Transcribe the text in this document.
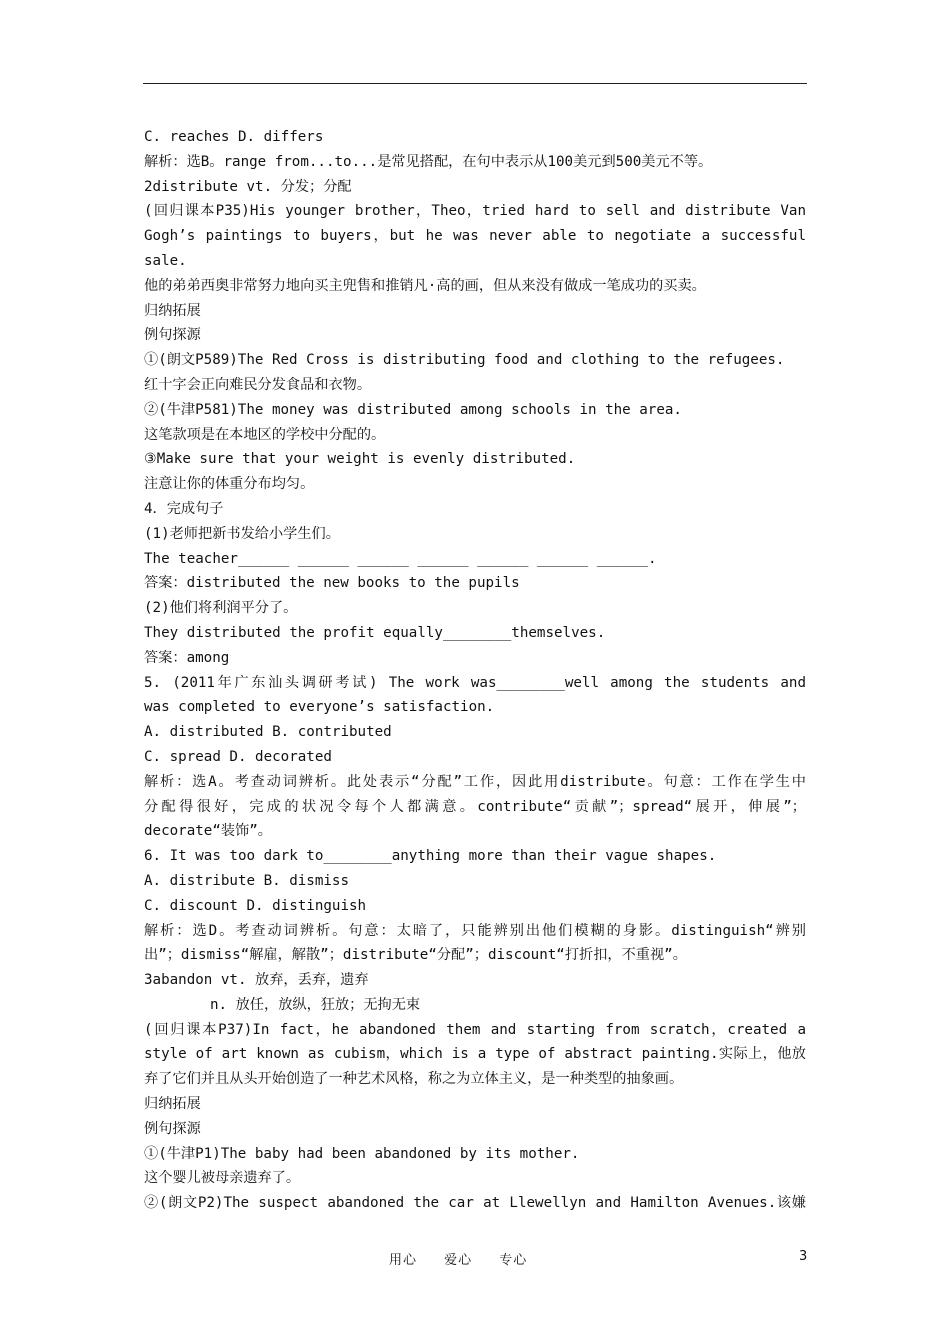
C. reaches D. differs
解析：选B。range from...to...是常见搭配，在句中表示从100美元到500美元不等。
2distribute vt. 分发；分配
(回归课本P35)His younger brother，Theo，tried hard to sell and distribute Van
Gogh’s paintings to buyers，but he was never able to negotiate a successful
sale.
他的弟弟西奥非常努力地向买主兜售和推销凡·高的画，但从来没有做成一笔成功的买卖。
归纳拓展
例句探源
①(朗文P589)The Red Cross is distributing food and clothing to the refugees.
红十字会正向难民分发食品和衣物。
②(牛津P581)The money was distributed among schools in the area.
这笔款项是在本地区的学校中分配的。
③Make sure that your weight is evenly distributed.
注意让你的体重分布均匀。
4．完成句子
(1)老师把新书发给小学生们。
The teacher______ ______ ______ ______ ______ ______ ______.
答案：distributed the new books to the pupils
(2)他们将利润平分了。
They distributed the profit equally________themselves.
答案：among
5. (2011年广东汕头调研考试) The work was________well among the students and
was completed to everyone’s satisfaction.
A. distributed B. contributed
C. spread D. decorated
解析：选A。考查动词辨析。此处表示“分配”工作，因此用distribute。句意：工作在学生中
分配得很好，完成的状况令每个人都满意。contribute“贡献”；spread“展开，伸展”；
decorate“装饰”。
6. It was too dark to________anything more than their vague shapes.
A. distribute B. dismiss
C. discount D. distinguish
解析：选D。考查动词辨析。句意：太暗了，只能辨别出他们模糊的身影。distinguish“辨别
出”；dismiss“解雇，解散”；distribute“分配”；discount“打折扣，不重视”。
3abandon vt. 放弃，丢弃，遗弃
n. 放任，放纵，狂放；无拘无束
(回归课本P37)In fact，he abandoned them and starting from scratch，created a
style of art known as cubism，which is a type of abstract painting.实际上，他放
弃了它们并且从头开始创造了一种艺术风格，称之为立体主义，是一种类型的抽象画。
归纳拓展
例句探源
①(牛津P1)The baby had been abandoned by its mother.
这个婴儿被母亲遗弃了。
②(朗文P2)The suspect abandoned the car at Llewellyn and Hamilton Avenues.该嫌
用心 爱心 专心	3
